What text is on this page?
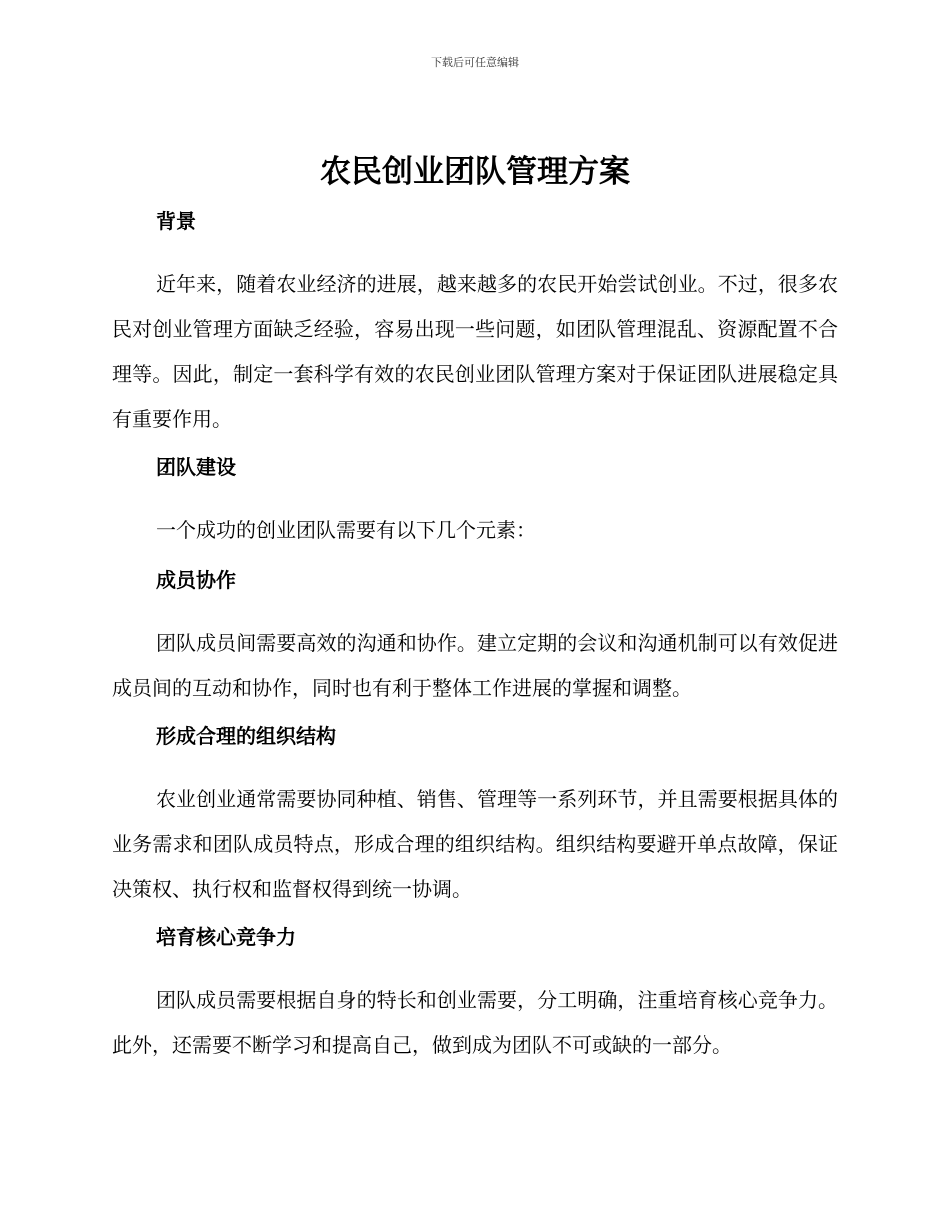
下载后可任意编辑
农民创业团队管理方案
背景

近年来，随着农业经济的进展，越来越多的农民开始尝试创业。不过，很多农民对创业管理方面缺乏经验，容易出现一些问题，如团队管理混乱、资源配置不合理等。因此，制定一套科学有效的农民创业团队管理方案对于保证团队进展稳定具有重要作用。

团队建设

一个成功的创业团队需要有以下几个元素：

成员协作

团队成员间需要高效的沟通和协作。建立定期的会议和沟通机制可以有效促进成员间的互动和协作，同时也有利于整体工作进展的掌握和调整。

形成合理的组织结构

农业创业通常需要协同种植、销售、管理等一系列环节，并且需要根据具体的业务需求和团队成员特点，形成合理的组织结构。组织结构要避开单点故障，保证决策权、执行权和监督权得到统一协调。

培育核心竞争力

团队成员需要根据自身的特长和创业需要，分工明确，注重培育核心竞争力。此外，还需要不断学习和提高自己，做到成为团队不可或缺的一部分。
